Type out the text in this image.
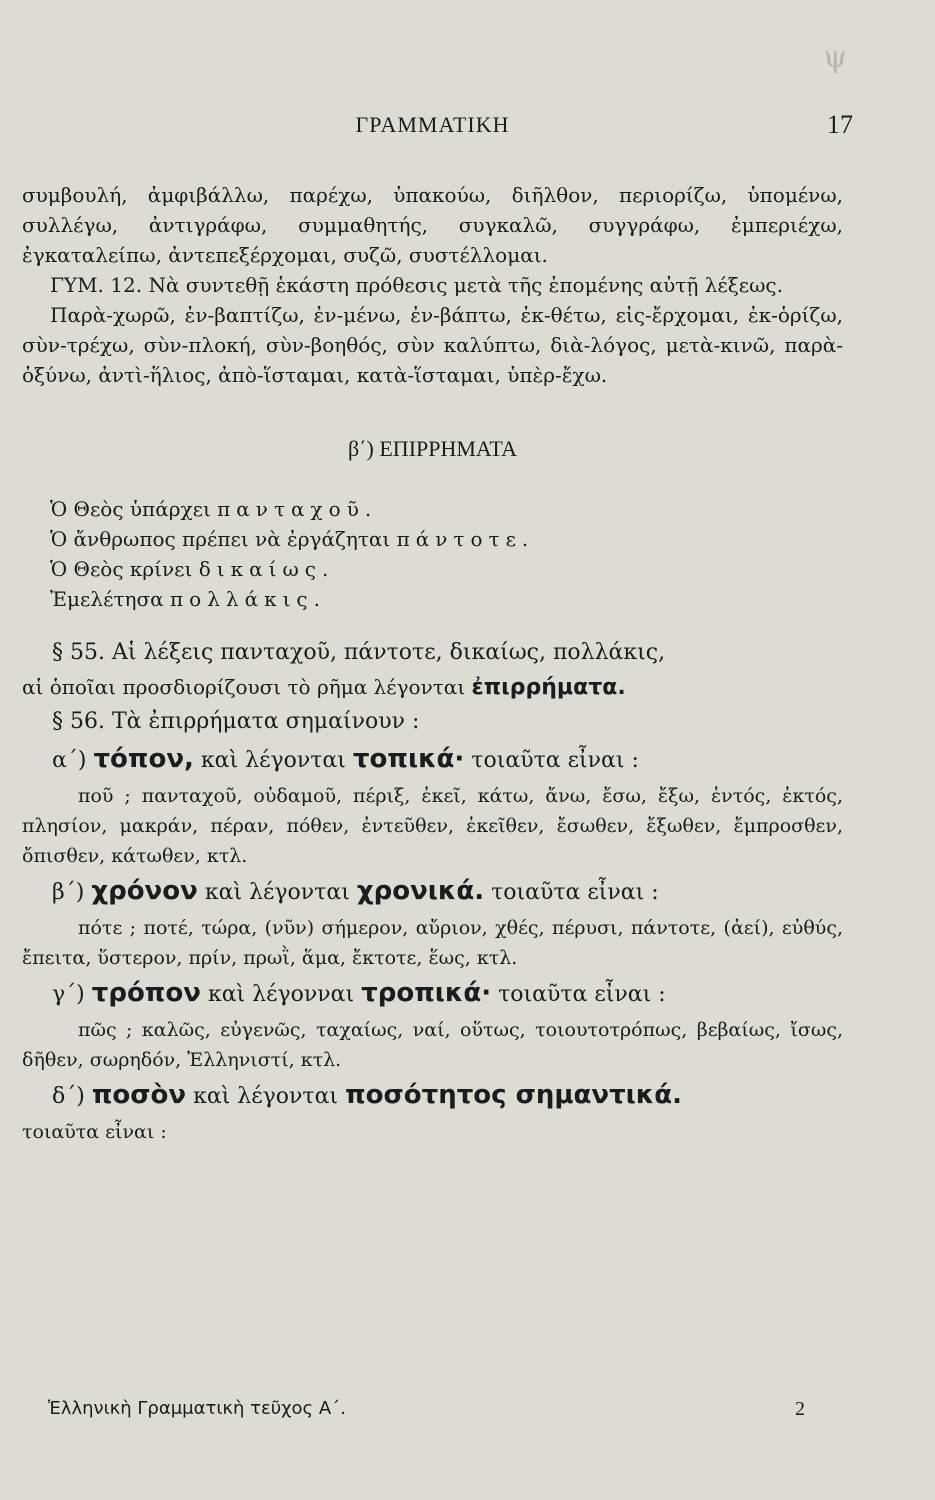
ψ
ΓΡΑΜΜΑΤΙΚΗ	17

συμβουλή, ἀμφιβάλλω, παρέχω, ὑπακούω, διῆλθον, περιορίζω, ὑπομένω, συλλέγω, ἀντιγράφω, συμμαθητής, συγκαλῶ, συγγράφω, ἐμπεριέχω, ἐγκαταλείπω, ἀντεπεξέρχομαι, συζῶ, συστέλλομαι.

ΓΥΜ. 12. Νὰ συντεθῇ ἑκάστη πρόθεσις μετὰ τῆς ἑπομένης αὐτῇ λέξεως.

Παρὰ-χωρῶ, ἐν-βαπτίζω, ἐν-μένω, ἐν-βάπτω, ἐκ-θέτω, εἰς-ἔρχομαι, ἐκ-ὁρίζω, σὺν-τρέχω, σὺν-πλοκή, σὺν-βοηθός, σὺν καλύπτω, διὰ-λόγος, μετὰ-κινῶ, παρὰ-ὀξύνω, ἀντὶ-ἥλιος, ἀπὸ-ἵσταμαι, κατὰ-ἵσταμαι, ὑπὲρ-ἔχω.

β΄) ΕΠΙΡΡΗΜΑΤΑ
Ὁ Θεὸς ὑπάρχει πανταχοῦ.
Ὁ ἄνθρωπος πρέπει νὰ ἐργάζηται πάντοτε.
Ὁ Θεὸς κρίνει δικαίως.
Ἐμελέτησα πολλάκις.

§ 55. Αἱ λέξεις πανταχοῦ, πάντοτε, δικαίως, πολλάκις,

αἱ ὁποῖαι προσδιορίζουσι τὸ ρῆμα λέγονται ἐπιρρήματα.

§ 56. Τὰ ἐπιρρήματα σημαίνουν :

α΄) τόπον, καὶ λέγονται τοπικά· τοιαῦτα εἶναι :

ποῦ ; πανταχοῦ, οὐδαμοῦ, πέριξ, ἐκεῖ, κάτω, ἄνω, ἔσω, ἔξω, ἐντός, ἐκτός, πλησίον, μακράν, πέραν, πόθεν, ἐντεῦθεν, ἐκεῖθεν, ἔσωθεν, ἔξωθεν, ἔμπροσθεν, ὄπισθεν, κάτωθεν, κτλ.

β΄) χρόνον καὶ λέγονται χρονικά. τοιαῦτα εἶναι :

πότε ; ποτέ, τώρα, (νῦν) σήμερον, αὔριον, χθές, πέρυσι, πάντοτε, (ἀεί), εὐθύς, ἔπειτα, ὕστερον, πρίν, πρωῒ, ἅμα, ἔκτοτε, ἕως, κτλ.

γ΄) τρόπον καὶ λέγονναι τροπικά· τοιαῦτα εἶναι :

πῶς ; καλῶς, εὐγενῶς, ταχαίως, ναί, οὕτως, τοιουτοτρόπως, βεβαίως, ἴσως, δῆθεν, σωρηδόν, Ἑλληνιστί, κτλ.

δ΄) ποσὸν καὶ λέγονται ποσότητος σημαντικά.

τοιαῦτα εἶναι :

Ἑλληνικὴ Γραμματικὴ τεῦχος Α΄.	2
